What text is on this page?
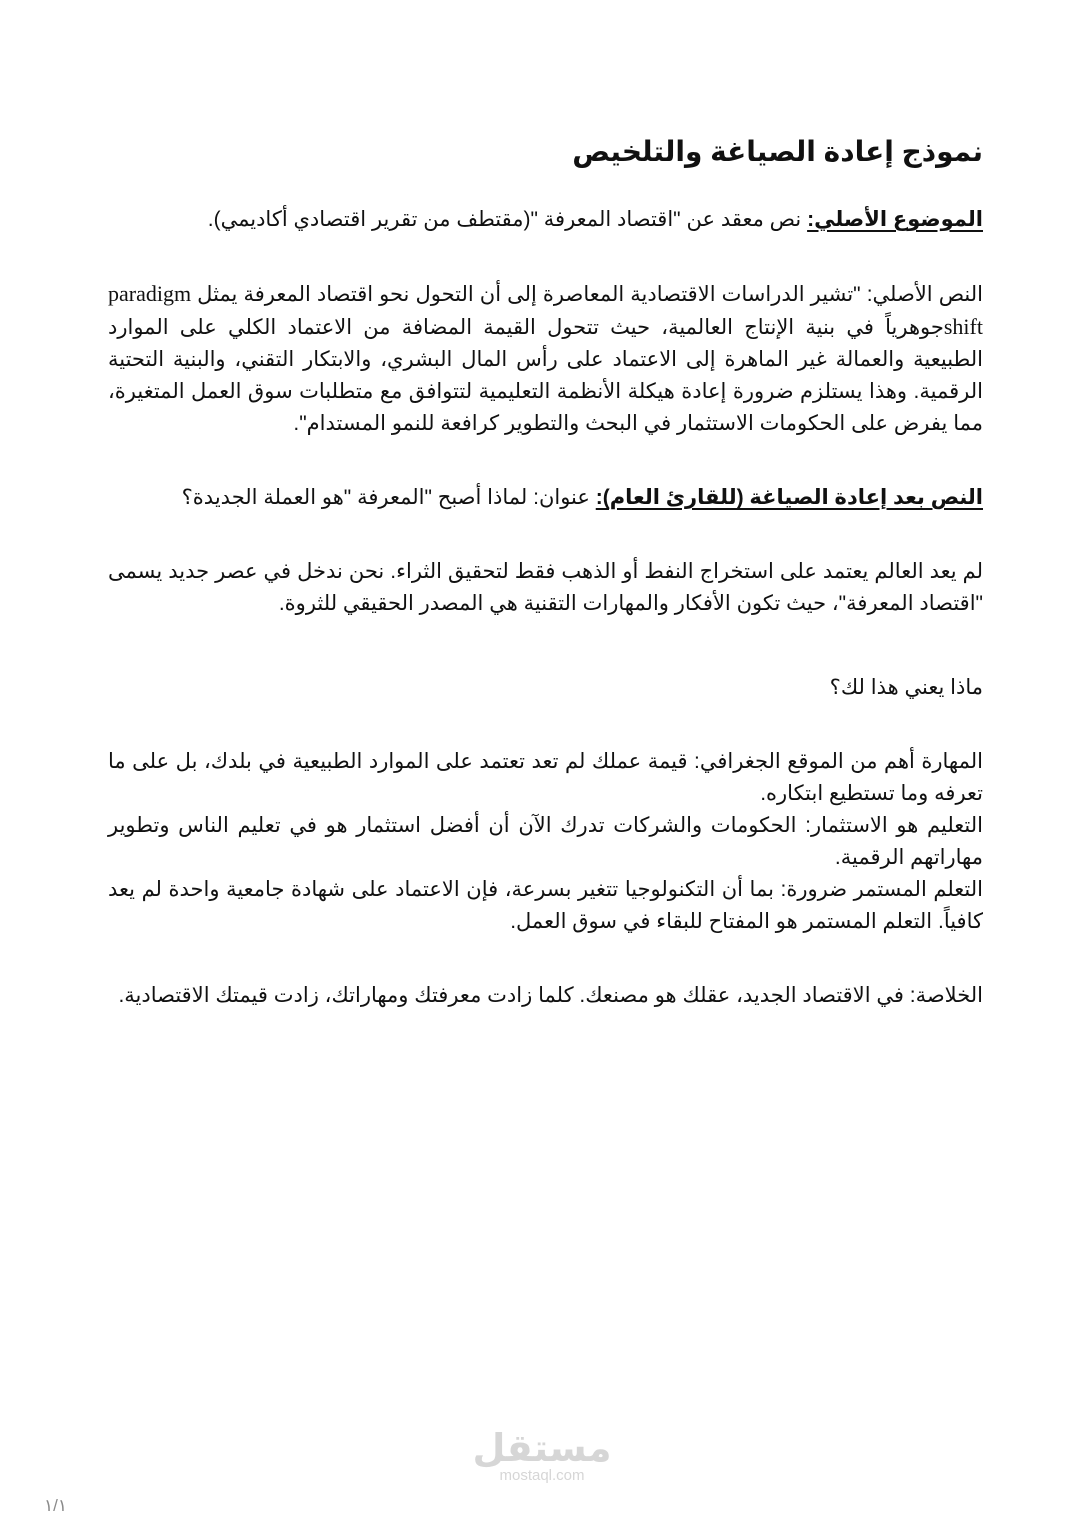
نموذج إعادة الصياغة والتلخيص

الموضوع الأصلي: نص معقد عن "اقتصاد المعرفة "(مقتطف من تقرير اقتصادي أكاديمي).

النص الأصلي: "تشير الدراسات الاقتصادية المعاصرة إلى أن التحول نحو اقتصاد المعرفة يمثل paradigm shiftجوهرياً في بنية الإنتاج العالمية، حيث تتحول القيمة المضافة من الاعتماد الكلي على الموارد الطبيعية والعمالة غير الماهرة إلى الاعتماد على رأس المال البشري، والابتكار التقني، والبنية التحتية الرقمية. وهذا يستلزم ضرورة إعادة هيكلة الأنظمة التعليمية لتتوافق مع متطلبات سوق العمل المتغيرة، مما يفرض على الحكومات الاستثمار في البحث والتطوير كرافعة للنمو المستدام".

النص بعد إعادة الصياغة (للقارئ العام): عنوان: لماذا أصبح "المعرفة "هو العملة الجديدة؟

لم يعد العالم يعتمد على استخراج النفط أو الذهب فقط لتحقيق الثراء. نحن ندخل في عصر جديد يسمى "اقتصاد المعرفة"، حيث تكون الأفكار والمهارات التقنية هي المصدر الحقيقي للثروة.

ماذا يعني هذا لك؟

المهارة أهم من الموقع الجغرافي: قيمة عملك لم تعد تعتمد على الموارد الطبيعية في بلدك، بل على ما تعرفه وما تستطيع ابتكاره.

التعليم هو الاستثمار: الحكومات والشركات تدرك الآن أن أفضل استثمار هو في تعليم الناس وتطوير مهاراتهم الرقمية.

التعلم المستمر ضرورة: بما أن التكنولوجيا تتغير بسرعة، فإن الاعتماد على شهادة جامعية واحدة لم يعد كافياً. التعلم المستمر هو المفتاح للبقاء في سوق العمل.

الخلاصة: في الاقتصاد الجديد، عقلك هو مصنعك. كلما زادت معرفتك ومهاراتك، زادت قيمتك الاقتصادية.

مستقل
mostaql.com
١/١
